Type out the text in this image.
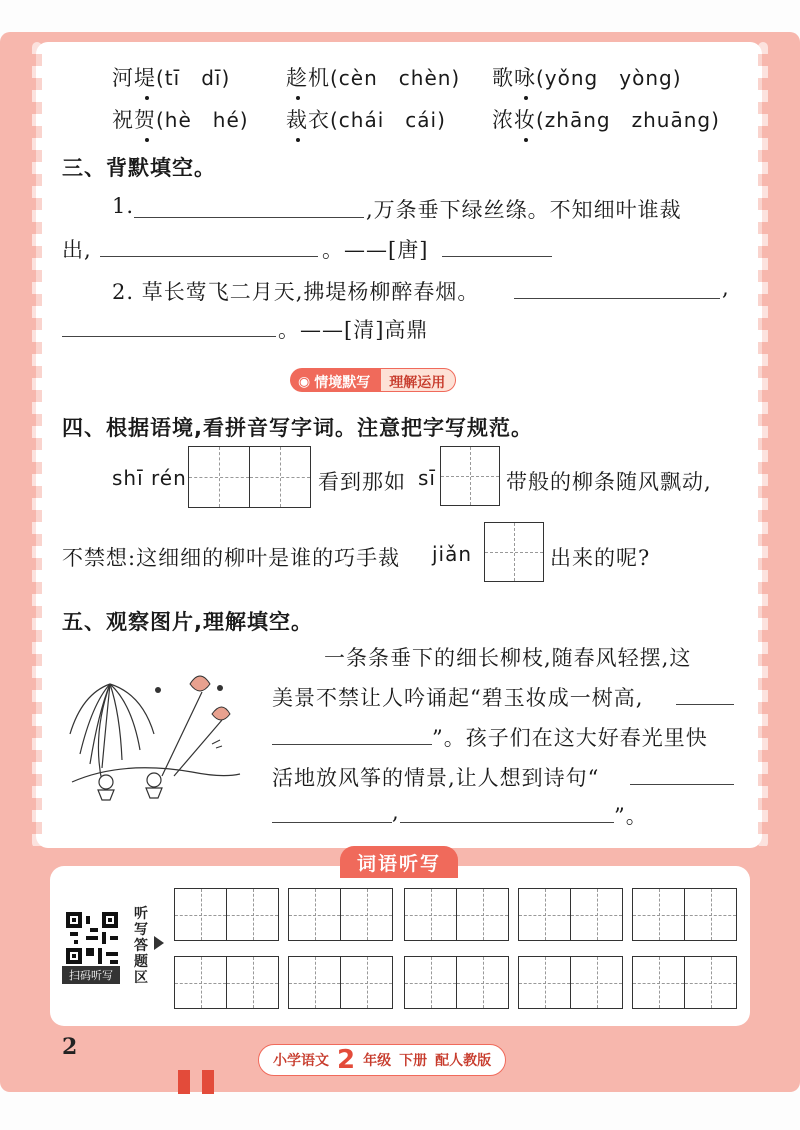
河堤(tī　dī)	趁机(cèn　chèn) 歌咏(yǒng　yòng)
祝贺(hè　hé) 裁衣(chái　cái) 浓妆(zhāng　zhuāng)
三、背默填空。
1.	,万条垂下绿丝绦。不知细叶谁裁
出,	。——[唐]
2. 草长莺飞二月天,拂堤杨柳醉春烟。	,
。——[清]高鼎
◉ 情境默写	理解运用
四、根据语境,看拼音写字词。注意把字写规范。
shī rén	看到那如 sī	带般的柳条随风飘动,
不禁想:这细细的柳叶是谁的巧手裁 jiǎn	出来的呢?
五、观察图片,理解填空。
一条条垂下的细长柳枝,随春风轻摆,这
美景不禁让人吟诵起“碧玉妆成一树高,
”。孩子们在这大好春光里快
活地放风筝的情景,让人想到诗句“
,	”。
词语听写
扫码听写
听写答题区
2
小学语文 2 年级 下册 配人教版
